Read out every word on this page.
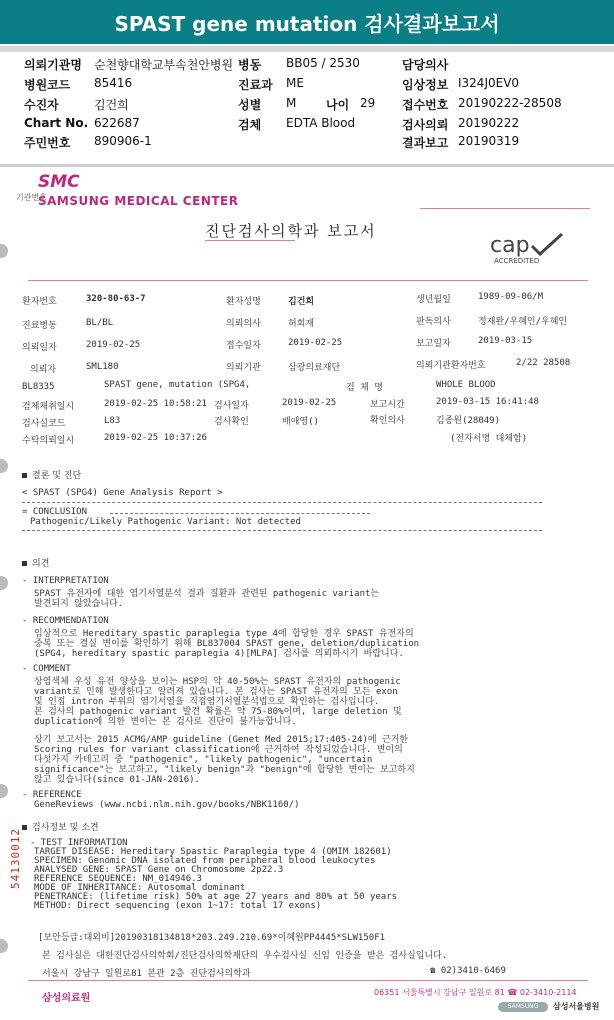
SPAST gene mutation 검사결과보고서
의뢰기관명 순천향대학교부속천안병원 병동 BB05 / 2530	담당의사
병원코드 85416	진료과 ME	임상정보 I324J0EV0
수진자	김건희	성별 M 나이 29 접수번호 20190222-28508
Chart No. 622687	검체 EDTA Blood	검사의뢰 20190222
주민번호 890906-1	결과보고 20190319
SMC
기관번호
SAMSUNG MEDICAL CENTER
진단검사의학과 보고서
cap
ACCREDITED
환자번호	320-80-63-7	환자성명	김건희	생년월일	1989-09-06/M
진료병동	BL/BL	의뢰의사	허회재	판독의사	정재완/우혜인/우혜인
의뢰일자	2019-02-25	접수일자	2019-02-25	보고일자	2019-03-15
의뢰자	SML180	의뢰기관	삼광의료재단	의뢰기관환자번호	2/22 28508
BL8335	SPAST gene, mutation (SPG4,	검 체 명	WHOLE BLOOD
검체채취일시	2019-02-25 10:58:21 검사일자	2019-02-25	보고시간	2019-03-15 16:41:48
검사실코드	L83	검사확인	배애영()	확인의사	김종원(28049)
수탁의뢰일시	2019-02-25 10:37:26	(전자서명 대체함)
결론 및 진단
< SPAST (SPG4) Gene Analysis Report >
= CONCLUSION
Pathogenic/Likely Pathogenic Variant: Not detected
의견
- INTERPRETATION
SPAST 유전자에 대한 염기서열분석 결과 질환과 관련된 pathogenic variant는
발견되지 않았습니다.
- RECOMMENDATION
임상적으로 Hereditary spastic paraplegia type 4에 합당한 경우 SPAST 유전자의
중복 또는 결실 변이를 확인하기 위해 BL837004 SPAST gene, deletion/duplication
(SPG4, hereditary spastic paraplegia 4)[MLPA] 검사를 의뢰하시기 바랍니다.
- COMMENT
상염색체 우성 유전 양상을 보이는 HSP의 약 40-50%는 SPAST 유전자의 pathogenic
variant로 인해 발생한다고 알려져 있습니다. 본 검사는 SPAST 유전자의 모든 exon
및 인접 intron 부위의 염기서열을 직접염기서열분석법으로 확인하는 검사입니다.
본 검사의 pathogenic variant 발견 확률은 약 75-80%이며, large deletion 및
duplication에 의한 변이는 본 검사로 진단이 불가능합니다.
상기 보고서는 2015 ACMG/AMP guideline (Genet Med 2015;17:405-24)에 근거한
Scoring rules for variant classification에 근거하여 작성되었습니다. 변이의
다섯가지 카테고리 중 "pathogenic", "likely pathogenic", "uncertain
significance"는 보고하고, "likely benign"과 "benign"에 합당한 변이는 보고하지
않고 있습니다(since 01-JAN-2016).
- REFERENCE
GeneReviews (www.ncbi.nlm.nih.gov/books/NBK1160/)
검사정보 및 소견
- TEST INFORMATION
TARGET DISEASE: Hereditary Spastic Paraplegia type 4 (OMIM 182601)
SPECIMEN: Genomic DNA isolated from peripheral blood leukocytes
ANALYSED GENE: SPAST Gene on Chromosome 2p22.3
REFERENCE SEQUENCE: NM_014946.3
MODE OF INHERITANCE: Autosomal dominant
PENETRANCE: (lifetime risk) 50% at age 27 years and 80% at 50 years
METHOD: Direct sequencing (exon 1~17: total 17 exons)
54130012
[보안등급:대외비]20190318134818*203.249.210.69*이혜원PP4445*SLW150F1
본 검사실은 대한진단검사의학회/진단검사의학재단의 우수검사실 신임 인증을 받은 검사실입니다.
서울시 강남구 일원로81 본관 2층 진단검사의학과	☎ 02)3410-6469
삼성의료원
06351 서울특별시 강남구 일원로 81 ☎ 02-3410-2114
SAMSUNG	삼성서울병원
